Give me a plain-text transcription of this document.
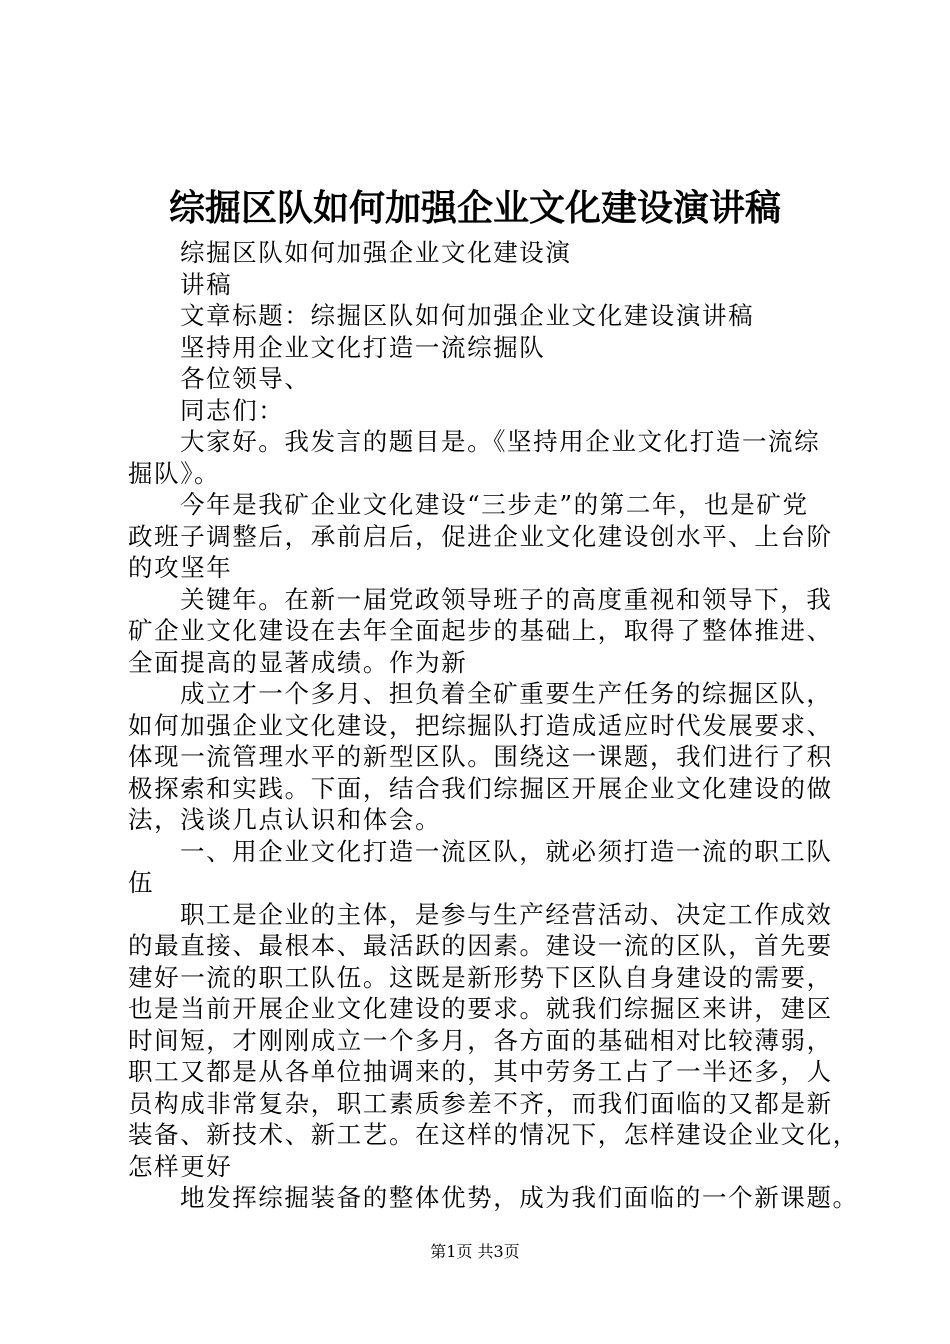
综掘区队如何加强企业文化建设演讲稿
综掘区队如何加强企业文化建设演
讲稿
文章标题：综掘区队如何加强企业文化建设演讲稿
坚持用企业文化打造一流综掘队
各位领导、
同志们：
大家好。我发言的题目是。《坚持用企业文化打造一流综
掘队》。
今年是我矿企业文化建设“三步走”的第二年，也是矿党
政班子调整后，承前启后，促进企业文化建设创水平、上台阶
的攻坚年
关键年。在新一届党政领导班子的高度重视和领导下，我
矿企业文化建设在去年全面起步的基础上，取得了整体推进、
全面提高的显著成绩。作为新
成立才一个多月、担负着全矿重要生产任务的综掘区队，
如何加强企业文化建设，把综掘队打造成适应时代发展要求、
体现一流管理水平的新型区队。围绕这一课题，我们进行了积
极探索和实践。下面，结合我们综掘区开展企业文化建设的做
法，浅谈几点认识和体会。
一、用企业文化打造一流区队，就必须打造一流的职工队
伍
职工是企业的主体，是参与生产经营活动、决定工作成效
的最直接、最根本、最活跃的因素。建设一流的区队，首先要
建好一流的职工队伍。这既是新形势下区队自身建设的需要，
也是当前开展企业文化建设的要求。就我们综掘区来讲，建区
时间短，才刚刚成立一个多月，各方面的基础相对比较薄弱，
职工又都是从各单位抽调来的，其中劳务工占了一半还多，人
员构成非常复杂，职工素质参差不齐，而我们面临的又都是新
装备、新技术、新工艺。在这样的情况下，怎样建设企业文化，
怎样更好
地发挥综掘装备的整体优势，成为我们面临的一个新课题。
第1页 共3页
